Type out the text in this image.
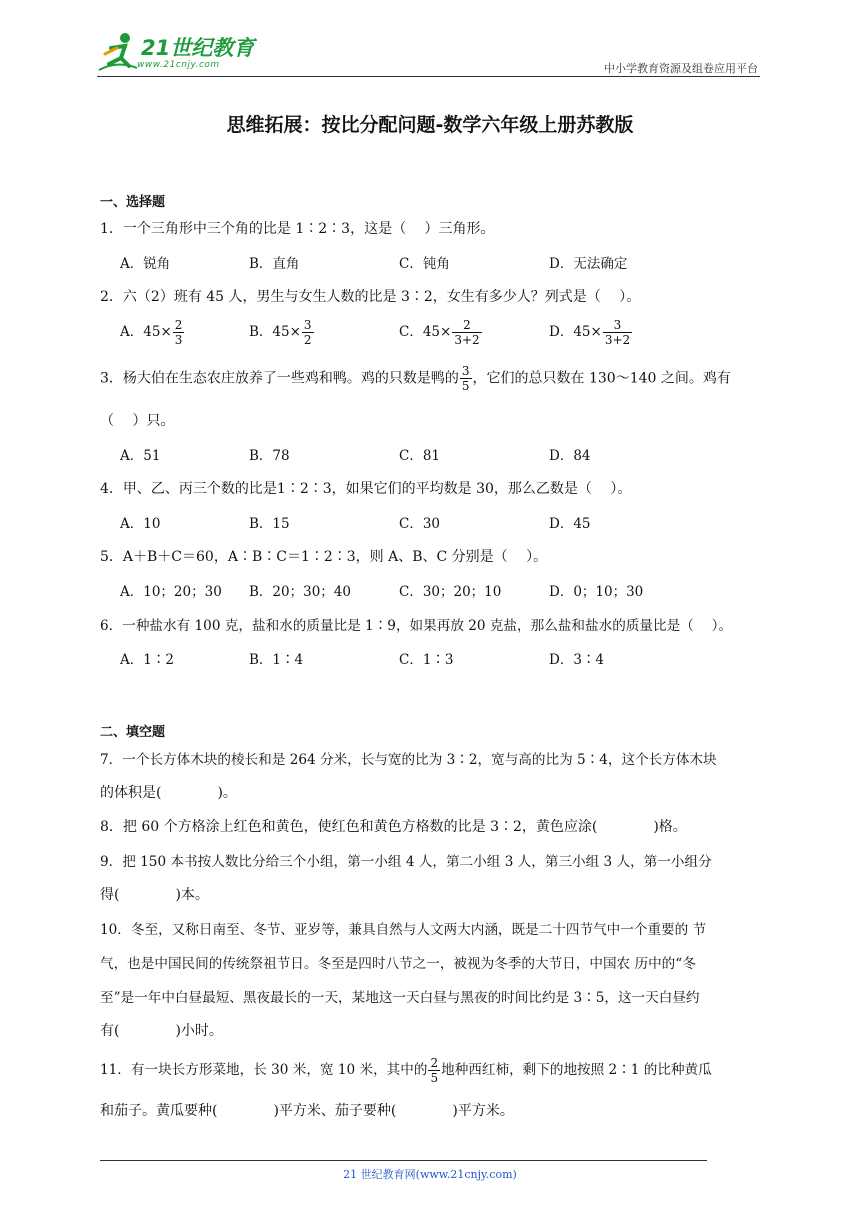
21世纪教育
www.21cnjy.com	中小学教育资源及组卷应用平台
思维拓展：按比分配问题-数学六年级上册苏教版
一、选择题
1．一个三角形中三个角的比是 1∶2∶3，这是（　 ）三角形。
A．锐角	B．直角	C．钝角	D．无法确定
2．六（2）班有 45 人，男生与女生人数的比是 3∶2，女生有多少人？列式是（　 ）。
A．$45\times \frac{2}{3}$	B．$45\times \frac{3}{2}$	C．$45\times \frac{2}{3+2}$	D．$45\times \frac{3}{3+2}$
3．杨大伯在生态农庄放养了一些鸡和鸭。鸡的只数是鸭的 $\frac{3}{5}$ ，它们的总只数在 130～140 之间。鸡有
（　 ）只。
A．51	B．78	C．81	D．84
4．甲、乙、丙三个数的比是1∶2∶3，如果它们的平均数是 30，那么乙数是（　 ）。
A．10	B．15	C．30	D．45
5．A＋B＋C＝60，A∶B∶C＝1∶2∶3，则 A、B、C 分别是（　 ）。
A．10；20；30 B．20；30；40	C．30；20；10	D．0；10；30
6．一种盐水有 100 克，盐和水的质量比是 1∶9，如果再放 20 克盐，那么盐和盐水的质量比是（　 ）。
A．1∶2	B．1∶4	C．1∶3	D．3∶4
二、填空题
7．一个长方体木块的棱长和是 264 分米，长与宽的比为 3∶2，宽与高的比为 5∶4，这个长方体木块
的体积是(　　　　)。
8．把 60 个方格涂上红色和黄色，使红色和黄色方格数的比是 3∶2，黄色应涂(　　　　)格。
9．把 150 本书按人数比分给三个小组，第一小组 4 人，第二小组 3 人，第三小组 3 人，第一小组分
得(　　　　)本。
10．冬至，又称日南至、冬节、亚岁等，兼具自然与人文两大内涵，既是二十四节气中一个重要的 节
气，也是中国民间的传统祭祖节日。冬至是四时八节之一，被视为冬季的大节日，中国农 历中的“冬
至”是一年中白昼最短、黑夜最长的一天，某地这一天白昼与黑夜的时间比约是 3∶5，这一天白昼约
有(　　　　)小时。
11．有一块长方形菜地，长 30 米，宽 10 米，其中的 $\frac{2}{5}$ 地种西红柿，剩下的地按照 2∶1 的比种黄瓜
和茄子。黄瓜要种(　　　　)平方米、茄子要种(　　　　)平方米。
21 世纪教育网(www.21cnjy.com)
